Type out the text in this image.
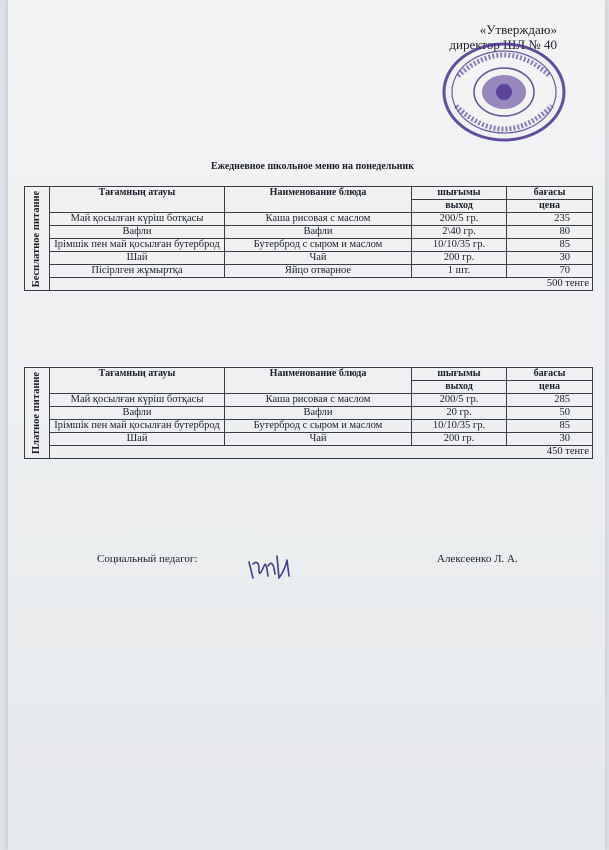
«Утверждаю»
директор ШЛ № 40
Ежедневное школьное меню на понедельник
Бесплатное питание	Тағамның атауы	Наименование блюда	шығымы	бағасы
			выход	цена
	Май қосылған күріш ботқасы	Каша рисовая с маслом	200/5 гр.	235
	Вафли	Вафли	2\40 гр.	80
	Ірімшік пен май қосылған бутерброд	Бутерброд с сыром и маслом	10/10/35 гр.	85
	Шай	Чай	200 гр.	30
	Пісірлген жұмыртқа	Яйцо отварное	1 шт.	70
	500 тенге			
Платное питание	Тағамның атауы	Наименование блюда	шығымы	бағасы
			выход	цена
	Май қосылған күріш ботқасы	Каша рисовая с маслом	200/5 гр.	285
	Вафли	Вафли	20 гр.	50
	Ірімшік пен май қосылған бутерброд	Бутерброд с сыром и маслом	10/10/35 гр.	85
	Шай	Чай	200 гр.	30
	450 тенге			
Социальный педагог:	Алексеенко Л. А.
